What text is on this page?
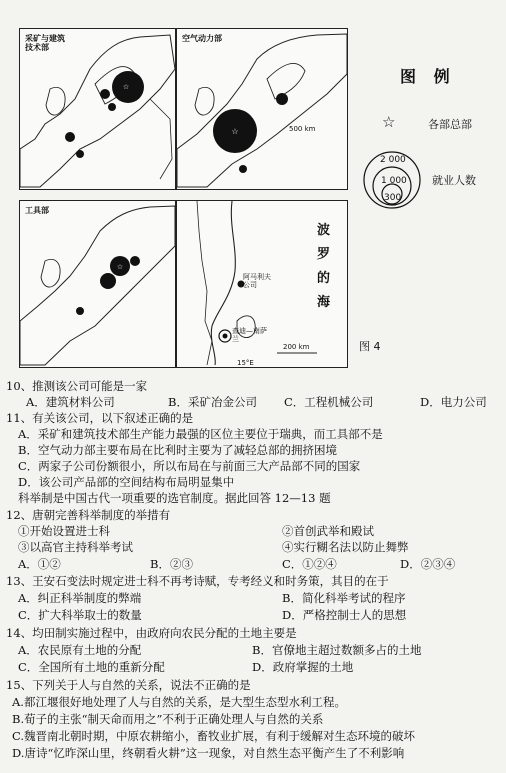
☆
采矿与建筑技术部
☆
空气动力部
500 km
☆
工具部
阿马利夫公司
查迪—南萨兰
波罗的海
200 km
15°E
图 例
☆	各部总部
2 000
1 000
300
就业人数
图 4
10、推测该公司可能是一家
A．建筑材料公司	B．采矿冶金公司 C．工程机械公司	D．电力公司
11、有关该公司，以下叙述正确的是
A．采矿和建筑技术部生产能力最强的区位主要位于瑞典，而工具部不是
B．空气动力部主要布局在比利时主要为了减轻总部的拥挤困境
C．两家子公司份额很小，所以布局在与前面三大产品部不同的国家
D．该公司产品部的空间结构布局明显集中
科举制是中国古代一项重要的选官制度。据此回答 12—13 题
12、唐朝完善科举制度的举措有
①开始设置进士科	②首创武举和殿试
③以高官主持科举考试	④实行糊名法以防止舞弊
A．①②	B．②③	C．①②④	D．②③④
13、王安石变法时规定进士科不再考诗赋，专考经义和时务策，其目的在于
A．纠正科举制度的弊端	B．简化科举考试的程序
C．扩大科举取士的数量	D．严格控制士人的思想
14、均田制实施过程中，由政府向农民分配的土地主要是
A．农民原有土地的分配	B．官僚地主超过数额多占的土地
C．全国所有土地的重新分配	D．政府掌握的土地
15、下列关于人与自然的关系，说法不正确的是
A.都江堰很好地处理了人与自然的关系，是大型生态型水利工程。
B.荀子的主张“制天命而用之”不利于正确处理人与自然的关系
C.魏晋南北朝时期，中原农耕缩小，畜牧业扩展，有利于缓解对生态环境的破坏
D.唐诗“忆昨深山里，终朝看火耕”这一现象，对自然生态平衡产生了不利影响
